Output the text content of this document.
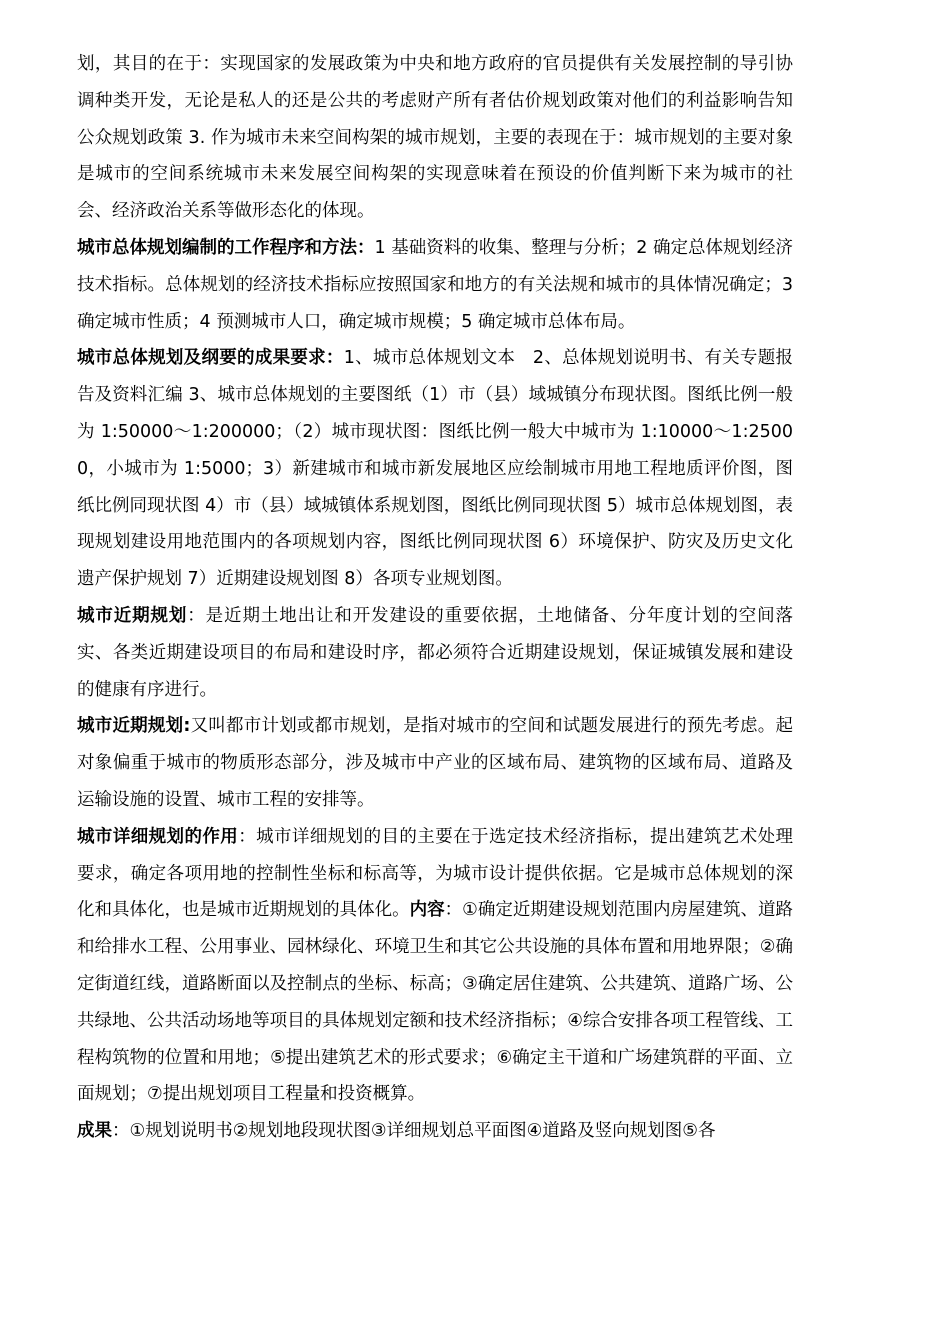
划，其目的在于：实现国家的发展政策为中央和地方政府的官员提供有关发展控制的导引协调种类开发，无论是私人的还是公共的考虑财产所有者估价规划政策对他们的利益影响告知公众规划政策 3. 作为城市未来空间构架的城市规划，主要的表现在于：城市规划的主要对象是城市的空间系统城市未来发展空间构架的实现意味着在预设的价值判断下来为城市的社会、经济政治关系等做形态化的体现。

城市总体规划编制的工作程序和方法：1 基础资料的收集、整理与分析；2 确定总体规划经济技术指标。总体规划的经济技术指标应按照国家和地方的有关法规和城市的具体情况确定；3 确定城市性质；4 预测城市人口，确定城市规模；5 确定城市总体布局。

城市总体规划及纲要的成果要求：1、城市总体规划文本　2、总体规划说明书、有关专题报告及资料汇编 3、城市总体规划的主要图纸（1）市（县）域城镇分布现状图。图纸比例一般为 1:50000～1:200000；（2）城市现状图：图纸比例一般大中城市为 1:10000～1:25000，小城市为 1:5000；3）新建城市和城市新发展地区应绘制城市用地工程地质评价图，图纸比例同现状图 4）市（县）域城镇体系规划图，图纸比例同现状图 5）城市总体规划图，表现规划建设用地范围内的各项规划内容，图纸比例同现状图 6）环境保护、防灾及历史文化遗产保护规划 7）近期建设规划图 8）各项专业规划图。

城市近期规划：是近期土地出让和开发建设的重要依据，土地储备、分年度计划的空间落实、各类近期建设项目的布局和建设时序，都必须符合近期建设规划，保证城镇发展和建设的健康有序进行。

城市近期规划:又叫都市计划或都市规划，是指对城市的空间和试题发展进行的预先考虑。起对象偏重于城市的物质形态部分，涉及城市中产业的区域布局、建筑物的区域布局、道路及运输设施的设置、城市工程的安排等。

城市详细规划的作用：城市详细规划的目的主要在于选定技术经济指标，提出建筑艺术处理要求，确定各项用地的控制性坐标和标高等，为城市设计提供依据。它是城市总体规划的深化和具体化，也是城市近期规划的具体化。内容：①确定近期建设规划范围内房屋建筑、道路和给排水工程、公用事业、园林绿化、环境卫生和其它公共设施的具体布置和用地界限；②确定街道红线，道路断面以及控制点的坐标、标高；③确定居住建筑、公共建筑、道路广场、公共绿地、公共活动场地等项目的具体规划定额和技术经济指标；④综合安排各项工程管线、工程构筑物的位置和用地；⑤提出建筑艺术的形式要求；⑥确定主干道和广场建筑群的平面、立面规划；⑦提出规划项目工程量和投资概算。

成果：①规划说明书②规划地段现状图③详细规划总平面图④道路及竖向规划图⑤各
